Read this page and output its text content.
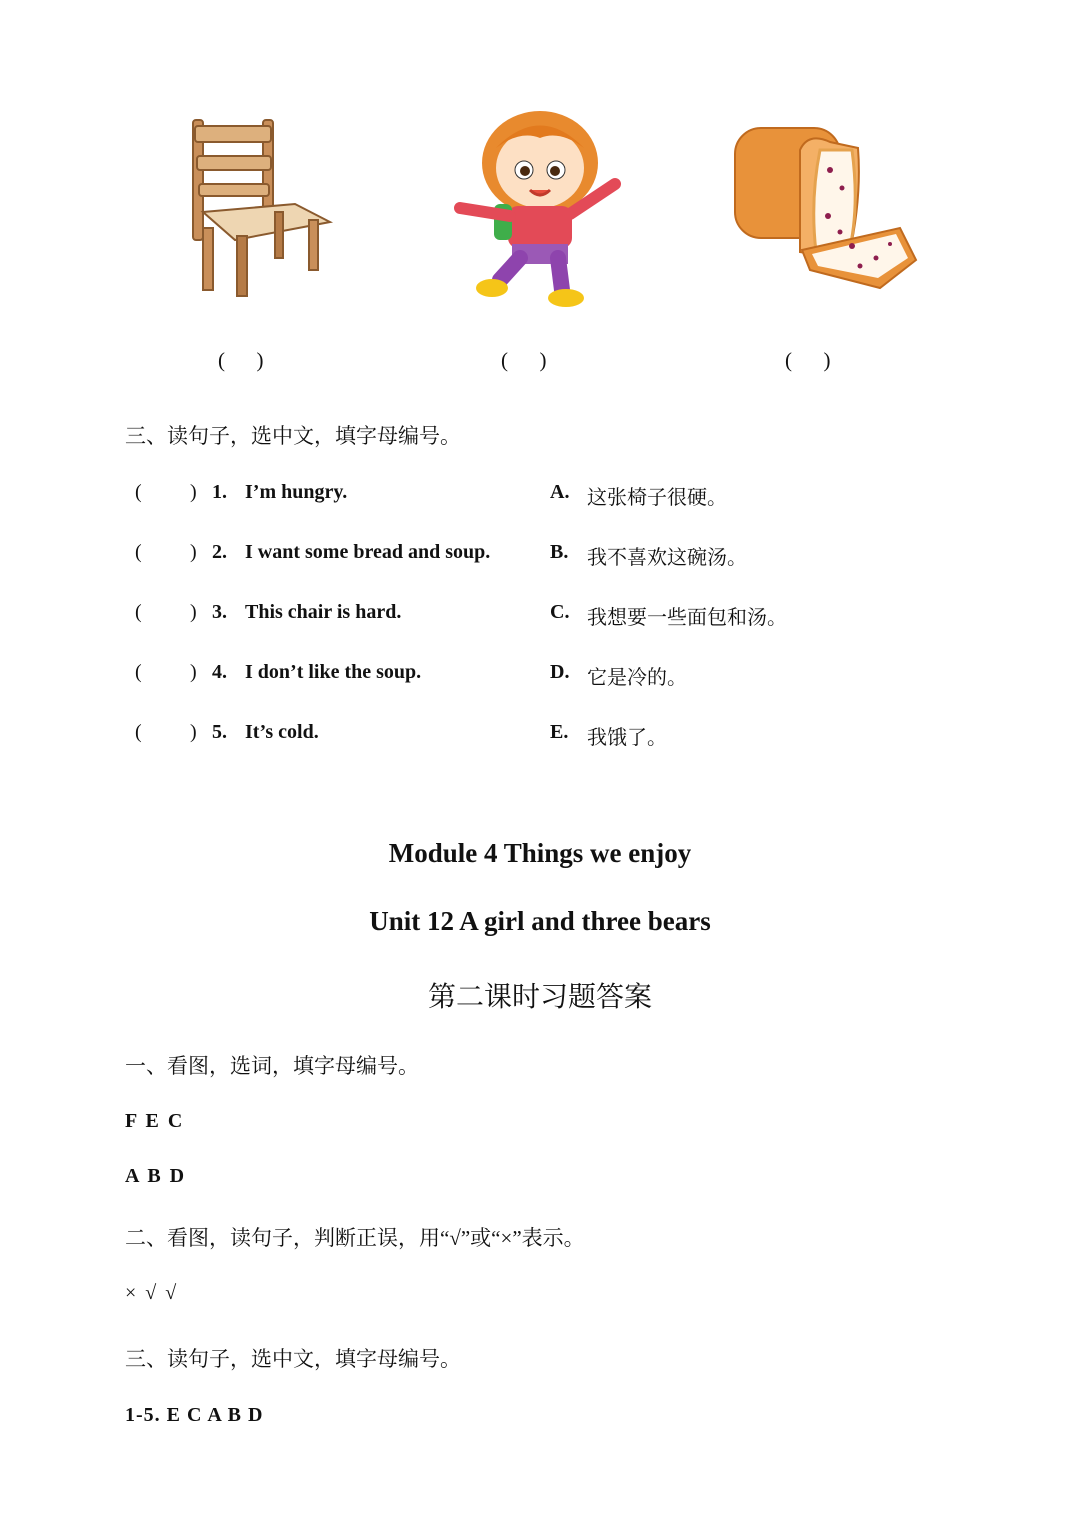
(      )	(      )	(      )
三、读句子，选中文，填字母编号。
( ) 1. I’m hungry.	A. 这张椅子很硬。
( ) 2. I want some bread and soup.	B. 我不喜欢这碗汤。
( ) 3. This chair is hard.	C. 我想要一些面包和汤。
( ) 4. I don’t like the soup.	D. 它是冷的。
( ) 5. It’s cold.	E. 我饿了。
Module 4 Things we enjoy
Unit 12 A girl and three bears
第二课时习题答案
一、看图，选词，填字母编号。
F E C
A B D
二、看图，读句子，判断正误，用“√”或“×”表示。
× √ √
三、读句子，选中文，填字母编号。
1-5. E C A B D
